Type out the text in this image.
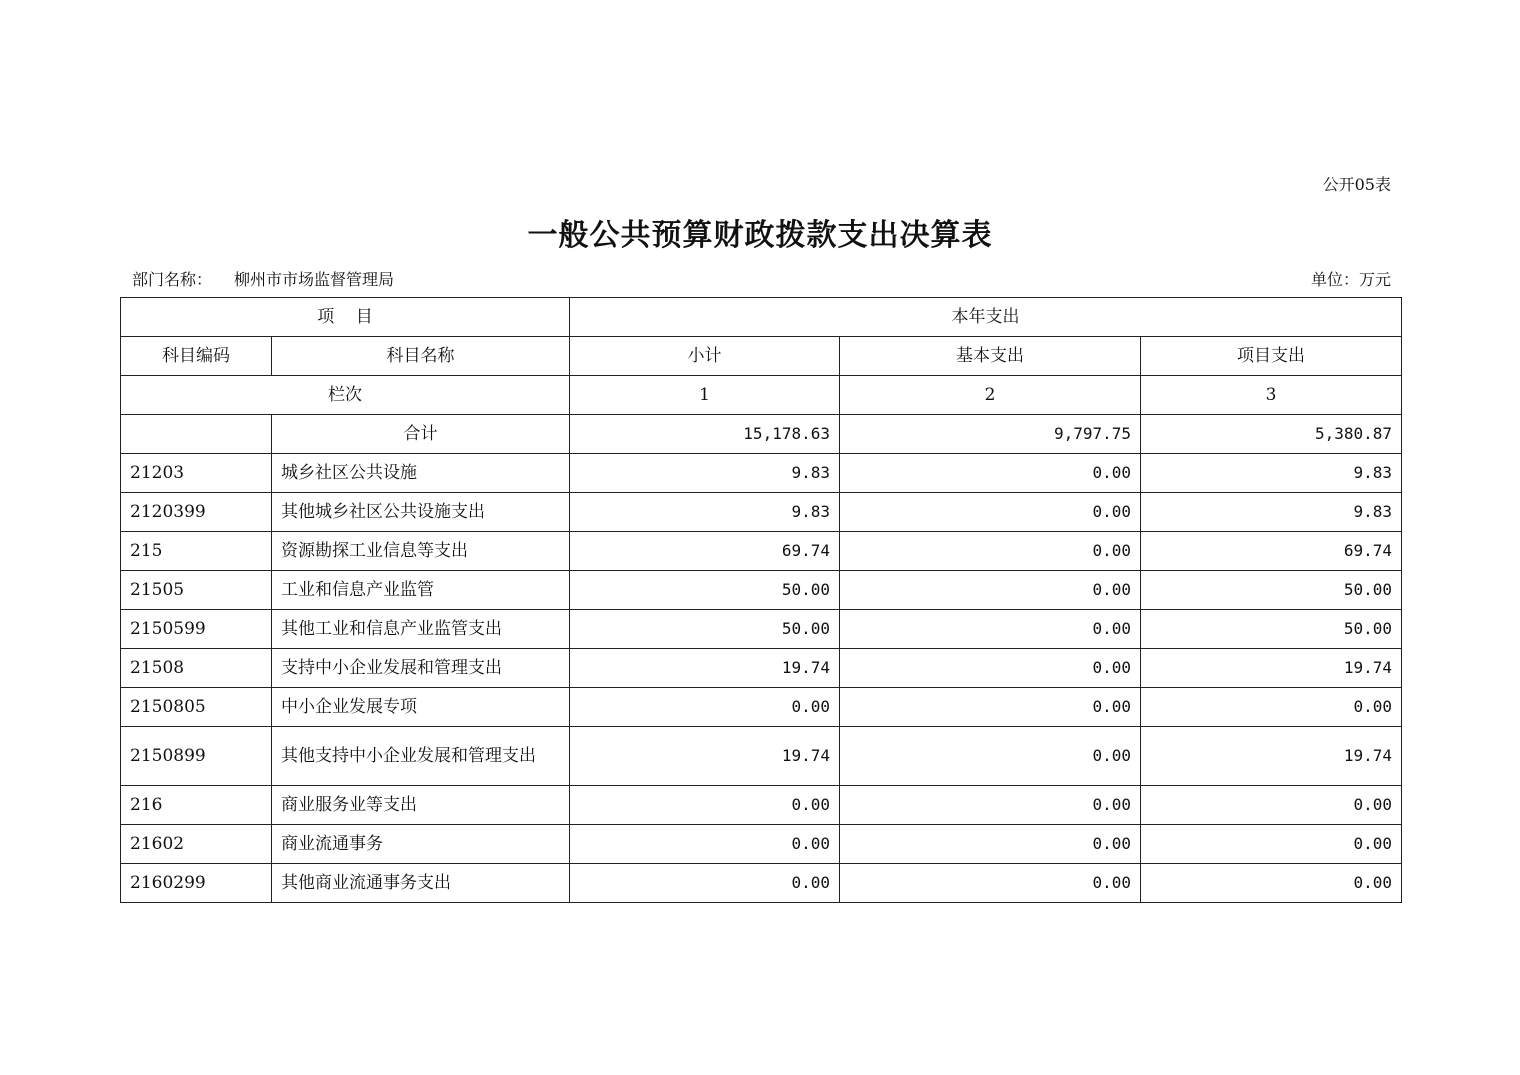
公开05表
一般公共预算财政拨款支出决算表
部门名称： 柳州市市场监督管理局	单位：万元
项    目		本年支出		
科目编码	科目名称	小计	基本支出	项目支出
栏次		1	2	3
	合计	15,178.63	9,797.75	5,380.87
21203	城乡社区公共设施	9.83	0.00	9.83
2120399	其他城乡社区公共设施支出	9.83	0.00	9.83
215	资源勘探工业信息等支出	69.74	0.00	69.74
21505	工业和信息产业监管	50.00	0.00	50.00
2150599	其他工业和信息产业监管支出	50.00	0.00	50.00
21508	支持中小企业发展和管理支出	19.74	0.00	19.74
2150805	中小企业发展专项	0.00	0.00	0.00
2150899	其他支持中小企业发展和管理支出	19.74	0.00	19.74
216	商业服务业等支出	0.00	0.00	0.00
21602	商业流通事务	0.00	0.00	0.00
2160299	其他商业流通事务支出	0.00	0.00	0.00
